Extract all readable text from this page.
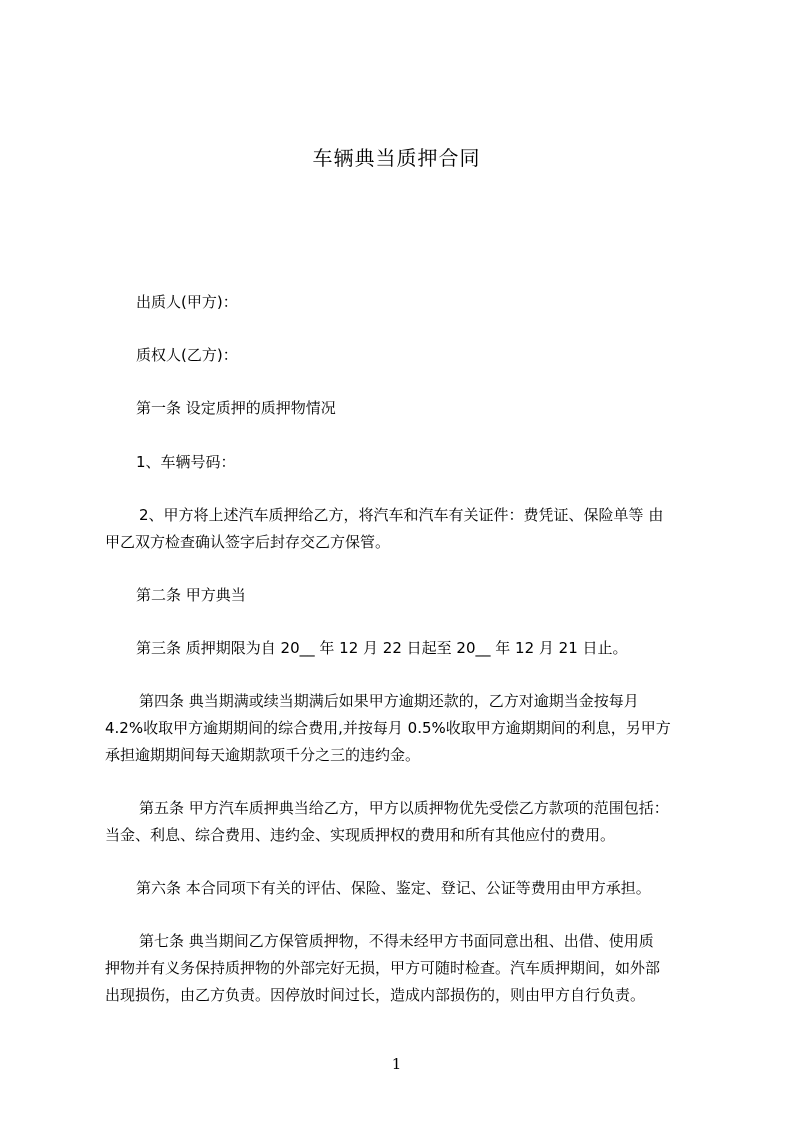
车辆典当质押合同
出质人(甲方)：
质权人(乙方)：
第一条 设定质押的质押物情况
1、车辆号码：
2、甲方将上述汽车质押给乙方，将汽车和汽车有关证件：费凭证、保险单等 由
甲乙双方检查确认签字后封存交乙方保管。
第二条 甲方典当
第三条 质押期限为自 20__ 年 12 月 22 日起至 20__ 年 12 月 21 日止。
第四条 典当期满或续当期满后如果甲方逾期还款的，乙方对逾期当金按每月
4.2%收取甲方逾期期间的综合费用,并按每月 0.5%收取甲方逾期期间的利息，另甲方
承担逾期期间每天逾期款项千分之三的违约金。
第五条 甲方汽车质押典当给乙方，甲方以质押物优先受偿乙方款项的范围包括：
当金、利息、综合费用、违约金、实现质押权的费用和所有其他应付的费用。
第六条 本合同项下有关的评估、保险、鉴定、登记、公证等费用由甲方承担。
第七条 典当期间乙方保管质押物，不得未经甲方书面同意出租、出借、使用质
押物并有义务保持质押物的外部完好无损，甲方可随时检查。汽车质押期间，如外部
出现损伤，由乙方负责。因停放时间过长，造成内部损伤的，则由甲方自行负责。
1
